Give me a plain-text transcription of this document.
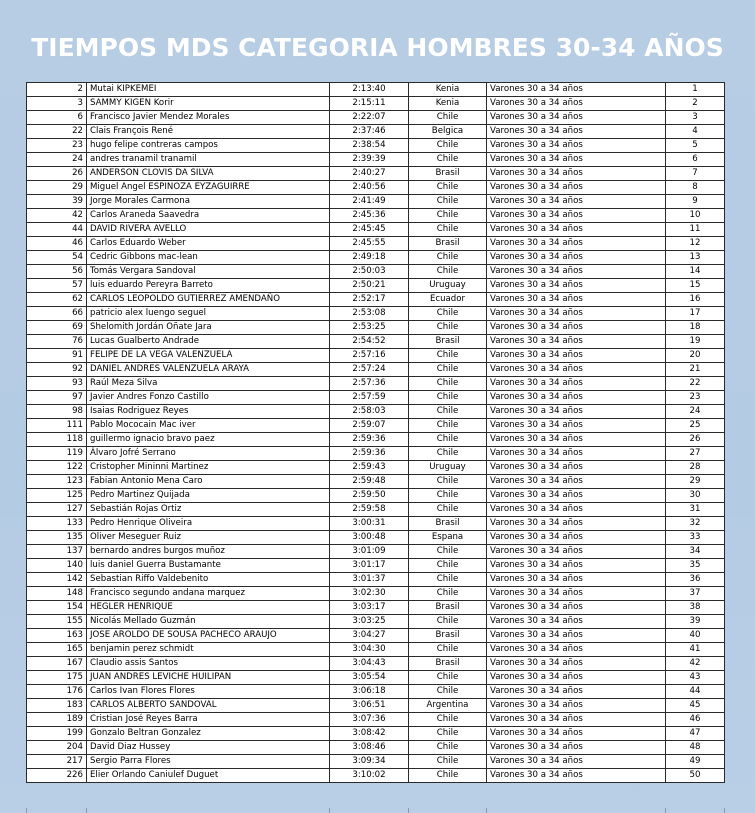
TIEMPOS MDS CATEGORIA HOMBRES 30-34 AÑOS
2	Mutai KIPKEMEI	2:13:40	Kenia	Varones 30 a 34 años	1
3	SAMMY KIGEN Korir	2:15:11	Kenia	Varones 30 a 34 años	2
6	Francisco Javier Mendez Morales	2:22:07	Chile	Varones 30 a 34 años	3
22	Clais François René	2:37:46	Belgica	Varones 30 a 34 años	4
23	hugo felipe contreras campos	2:38:54	Chile	Varones 30 a 34 años	5
24	andres tranamil tranamil	2:39:39	Chile	Varones 30 a 34 años	6
26	ANDERSON CLOVIS DA SILVA	2:40:27	Brasil	Varones 30 a 34 años	7
29	Miguel Angel ESPINOZA EYZAGUIRRE	2:40:56	Chile	Varones 30 a 34 años	8
39	Jorge Morales Carmona	2:41:49	Chile	Varones 30 a 34 años	9
42	Carlos Araneda Saavedra	2:45:36	Chile	Varones 30 a 34 años	10
44	DAVID RIVERA AVELLO	2:45:45	Chile	Varones 30 a 34 años	11
46	Carlos Eduardo Weber	2:45:55	Brasil	Varones 30 a 34 años	12
54	Cedric Gibbons mac-lean	2:49:18	Chile	Varones 30 a 34 años	13
56	Tomás Vergara Sandoval	2:50:03	Chile	Varones 30 a 34 años	14
57	luis eduardo Pereyra Barreto	2:50:21	Uruguay	Varones 30 a 34 años	15
62	CARLOS LEOPOLDO GUTIERREZ AMENDAÑO	2:52:17	Ecuador	Varones 30 a 34 años	16
66	patricio alex luengo seguel	2:53:08	Chile	Varones 30 a 34 años	17
69	Shelomith Jordán Oñate Jara	2:53:25	Chile	Varones 30 a 34 años	18
76	Lucas Gualberto Andrade	2:54:52	Brasil	Varones 30 a 34 años	19
91	FELIPE DE LA VEGA VALENZUELA	2:57:16	Chile	Varones 30 a 34 años	20
92	DANIEL ANDRES VALENZUELA ARAYA	2:57:24	Chile	Varones 30 a 34 años	21
93	Raúl Meza Silva	2:57:36	Chile	Varones 30 a 34 años	22
97	Javier Andres Fonzo Castillo	2:57:59	Chile	Varones 30 a 34 años	23
98	Isaias Rodriguez Reyes	2:58:03	Chile	Varones 30 a 34 años	24
111	Pablo Mococain Mac iver	2:59:07	Chile	Varones 30 a 34 años	25
118	guillermo ignacio bravo paez	2:59:36	Chile	Varones 30 a 34 años	26
119	Álvaro Jofré Serrano	2:59:36	Chile	Varones 30 a 34 años	27
122	Cristopher Mininni Martinez	2:59:43	Uruguay	Varones 30 a 34 años	28
123	Fabian Antonio Mena Caro	2:59:48	Chile	Varones 30 a 34 años	29
125	Pedro Martinez Quijada	2:59:50	Chile	Varones 30 a 34 años	30
127	Sebastián Rojas Ortiz	2:59:58	Chile	Varones 30 a 34 años	31
133	Pedro Henrique Oliveira	3:00:31	Brasil	Varones 30 a 34 años	32
135	Oliver Meseguer Ruiz	3:00:48	Espana	Varones 30 a 34 años	33
137	bernardo andres burgos muñoz	3:01:09	Chile	Varones 30 a 34 años	34
140	luis daniel Guerra Bustamante	3:01:17	Chile	Varones 30 a 34 años	35
142	Sebastian Riffo Valdebenito	3:01:37	Chile	Varones 30 a 34 años	36
148	Francisco segundo andana marquez	3:02:30	Chile	Varones 30 a 34 años	37
154	HEGLER HENRIQUE	3:03:17	Brasil	Varones 30 a 34 años	38
155	Nicolás Mellado Guzmán	3:03:25	Chile	Varones 30 a 34 años	39
163	JOSE AROLDO DE SOUSA PACHECO ARAUJO	3:04:27	Brasil	Varones 30 a 34 años	40
165	benjamin perez schmidt	3:04:30	Chile	Varones 30 a 34 años	41
167	Claudio assis Santos	3:04:43	Brasil	Varones 30 a 34 años	42
175	JUAN ANDRES LEVICHE HUILIPAN	3:05:54	Chile	Varones 30 a 34 años	43
176	Carlos Ivan Flores Flores	3:06:18	Chile	Varones 30 a 34 años	44
183	CARLOS ALBERTO SANDOVAL	3:06:51	Argentina	Varones 30 a 34 años	45
189	Cristian José Reyes Barra	3:07:36	Chile	Varones 30 a 34 años	46
199	Gonzalo Beltran Gonzalez	3:08:42	Chile	Varones 30 a 34 años	47
204	David Diaz Hussey	3:08:46	Chile	Varones 30 a 34 años	48
217	Sergio Parra Flores	3:09:34	Chile	Varones 30 a 34 años	49
226	Elier Orlando Caniulef Duguet	3:10:02	Chile	Varones 30 a 34 años	50
